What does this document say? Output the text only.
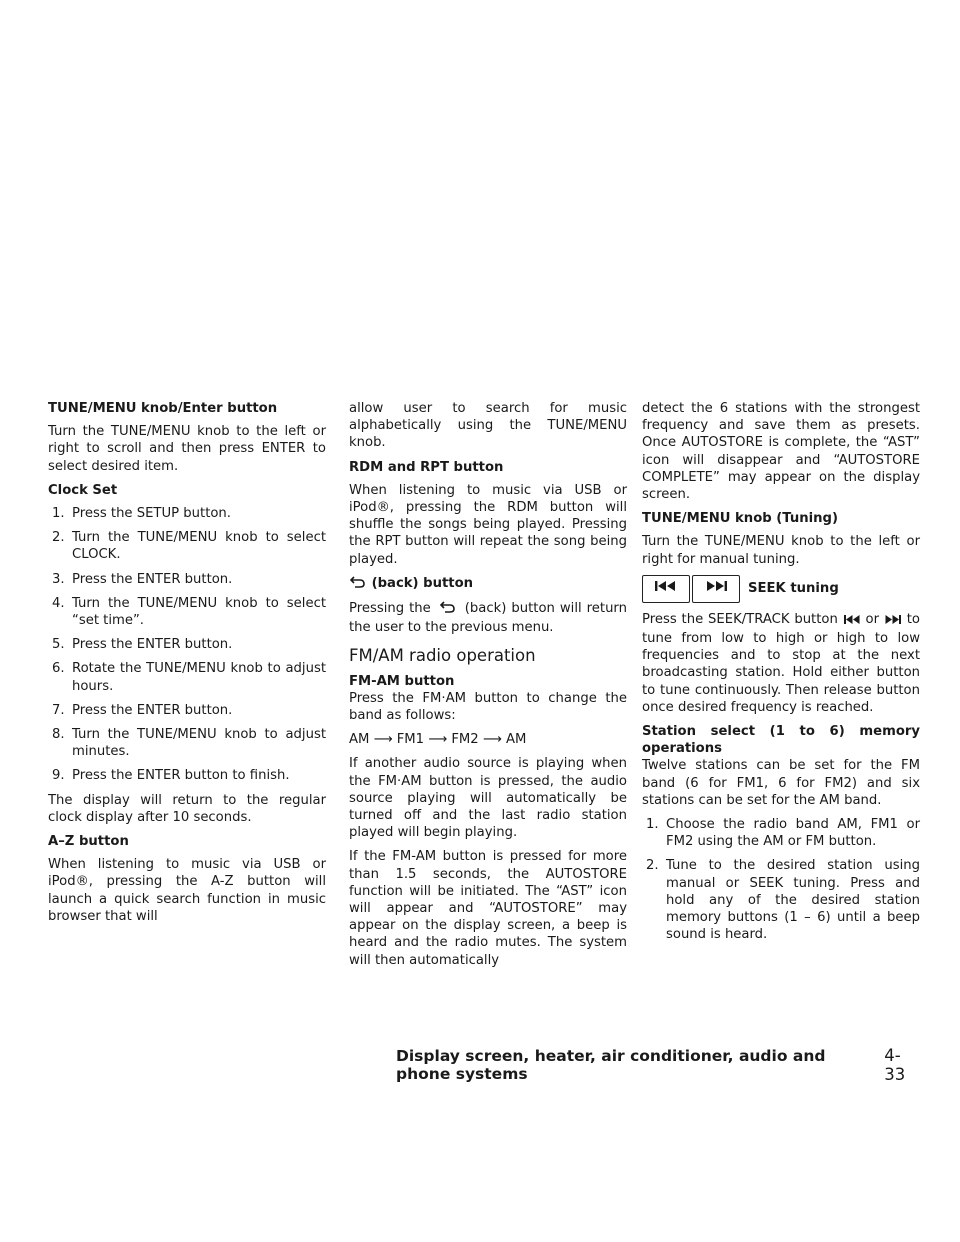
TUNE/MENU knob/Enter button

Turn the TUNE/MENU knob to the left or right to scroll and then press ENTER to select desired item.

Clock Set

1. Press the SETUP button.
2. Turn the TUNE/MENU knob to select CLOCK.
3. Press the ENTER button.
4. Turn the TUNE/MENU knob to select “set time”.
5. Press the ENTER button.
6. Rotate the TUNE/MENU knob to adjust hours.
7. Press the ENTER button.
8. Turn the TUNE/MENU knob to adjust minutes.
9. Press the ENTER button to finish.

The display will return to the regular clock display after 10 seconds.

A–Z button

When listening to music via USB or iPod®, pressing the A-Z button will launch a quick search function in music browser that will

allow user to search for music alphabetically using the TUNE/MENU knob.

RDM and RPT button

When listening to music via USB or iPod®, pressing the RDM button will shuffle the songs being played. Pressing the RPT button will repeat the song being played.

(back) button

Pressing the	(back) button will return the user to the previous menu.

FM/AM radio operation

FM-AM button

Press the FM·AM button to change the band as follows:

AM ⟶ FM1 ⟶ FM2 ⟶ AM

If another audio source is playing when the FM·AM button is pressed, the audio source playing will automatically be turned off and the last radio station played will begin playing.

If the FM-AM button is pressed for more than 1.5 seconds, the AUTOSTORE function will be initiated. The “AST” icon will appear and “AUTOSTORE” may appear on the display screen, a beep is heard and the radio mutes. The system will then automatically

detect the 6 stations with the strongest frequency and save them as presets. Once AUTOSTORE is complete, the “AST” icon will disappear and “AUTOSTORE COMPLETE” may appear on the display screen.

TUNE/MENU knob (Tuning)

Turn the TUNE/MENU knob to the left or right for manual tuning.

SEEK tuning

Press the SEEK/TRACK button or to tune from low to high or high to low frequencies and to stop at the next broadcasting station. Hold either button to tune continuously. Then release button once desired frequency is reached.

Station select (1 to 6) memory operations

Twelve stations can be set for the FM band (6 for FM1, 6 for FM2) and six stations can be set for the AM band.

1. Choose the radio band AM, FM1 or FM2 using the AM or FM button.
2. Tune to the desired station using manual or SEEK tuning. Press and hold any of the desired station memory buttons (1 – 6) until a beep sound is heard.
Display screen, heater, air conditioner, audio and phone systems
4-33
